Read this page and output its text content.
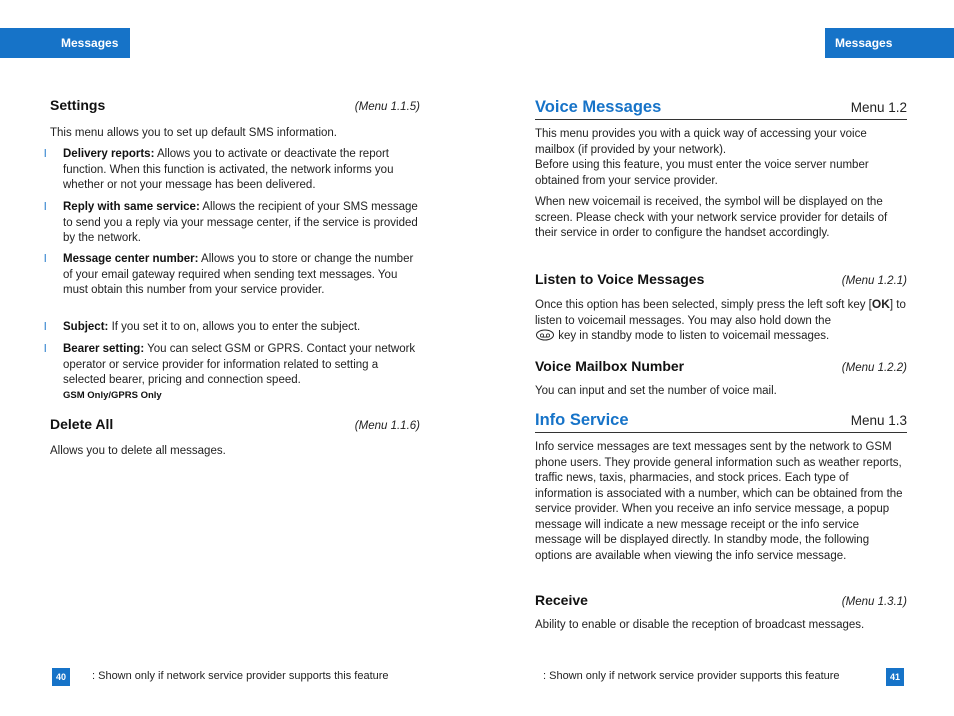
Messages	Messages
Settings	(Menu 1.1.5)

This menu allows you to set up default SMS information.

l	Delivery reports: Allows you to activate or deactivate the report function. When this function is activated, the network informs you whether or not your message has been delivered.
l	Reply with same service: Allows the recipient of your SMS message to send you a reply via your message center, if the service is provided by the network.
l	Message center number: Allows you to store or change the number of your email gateway required when sending text messages. You must obtain this number from your service provider.
l	Subject: If you set it to on, allows you to enter the subject.
l	Bearer setting: You can select GSM or GPRS. Contact your network operator or service provider for information related to setting a selected bearer, pricing and connection speed.
GSM Only/GPRS Only
Delete All	(Menu 1.1.6)

Allows you to delete all messages.

40	: Shown only if network service provider supports this feature
Voice Messages	Menu 1.2

This menu provides you with a quick way of accessing your voice mailbox (if provided by your network).

Before using this feature, you must enter the voice server number obtained from your service provider.

When new voicemail is received, the symbol will be displayed on the screen. Please check with your network service provider for details of their service in order to configure the handset accordingly.

Listen to Voice Messages	(Menu 1.2.1)

Once this option has been selected, simply press the left soft key [OK] to listen to voicemail messages. You may also hold down the
key in standby mode to listen to voicemail messages.

Voice Mailbox Number	(Menu 1.2.2)

You can input and set the number of voice mail.

Info Service	Menu 1.3

Info service messages are text messages sent by the network to GSM phone users. They provide general information such as weather reports, traffic news, taxis, pharmacies, and stock prices. Each type of information is associated with a number, which can be obtained from the service provider. When you receive an info service message, a popup message will indicate a new message receipt or the info service message will be displayed directly. In standby mode, the following options are available when viewing the info service message.

Receive	(Menu 1.3.1)

Ability to enable or disable the reception of broadcast messages.

: Shown only if network service provider supports this feature	41
